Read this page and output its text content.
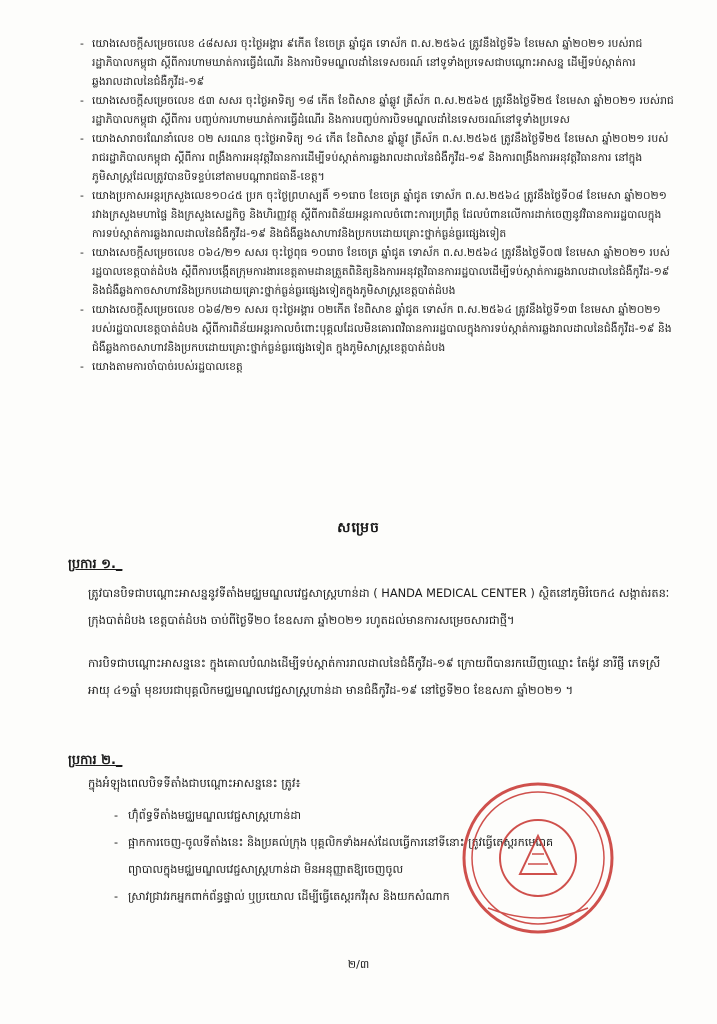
- យោងសេចក្ដីសម្រេចលេខ ៤៨សសរ ចុះថ្ងៃអង្គារ ៩កើត ខែចេត្រ ឆ្នាំជូត ទោស័ក ព.ស.២៥៦៤ ត្រូវនឹងថ្ងៃទី៦ ខែមេសា ឆ្នាំ២០២១ របស់រាជរដ្ឋាភិបាលកម្ពុជា ស្ដីពីការហាមឃាត់ការធ្វើដំណើរ និងការបិទមណ្ឌលដាំនៃទេសចរណ៍ នៅទូទាំងប្រទេសជាបណ្ដោះអាសន្ន ដើម្បីទប់ស្កាត់ការឆ្លងរាលដាលនៃជំងឺកូវីដ-១៩
- យោងសេចក្ដីសម្រេចលេខ ៥៣ សសរ ចុះថ្ងៃអាទិត្យ ១៨ កើត ខែពិសាខ ឆ្នាំឆ្លូវ ត្រីស័ក ព.ស.២៥៦៥ ត្រូវនឹងថ្ងៃទី២៥ ខែមេសា ឆ្នាំ២០២១ របស់រាជរដ្ឋាភិបាលកម្ពុជា ស្ដីពីការ បញ្ចប់ការហាមឃាត់ការធ្វើដំណើរ និងការបញ្ចប់ការបិទមណ្ឌលដាំនៃទេសចរណ៍នៅទូទាំងប្រទេស
- យោងសារាចរណែនាំលេខ ០២ សរណន ចុះថ្ងៃអាទិត្យ ១៤ កើត ខែពិសាខ ឆ្នាំឆ្លូវ ត្រីស័ក ព.ស.២៥៦៥ ត្រូវនឹងថ្ងៃទី២៥ ខែមេសា ឆ្នាំ២០២១ របស់រាជរដ្ឋាភិបាលកម្ពុជា ស្ដីពីការ ពង្រឹងការអនុវត្តវិធានការដើម្បីទប់ស្កាត់ការឆ្លងរាលដាលនៃជំងឺកូវីដ-១៩ និងការពង្រឹងការអនុវត្តវិធានការ នៅក្នុងភូមិសាស្ត្រដែលត្រូវបានបិទខ្ទប់នៅតាមបណ្ដារាជធានី-ខេត្ត។
- យោងប្រកាសអន្តរក្រសួងលេខ១០៤៥ ប្រក ចុះថ្ងៃព្រហស្បតិ៍ ១១រោច ខែចេត្រ ឆ្នាំជូត ទោស័ក ព.ស.២៥៦៤ ត្រូវនឹងថ្ងៃទី០៨ ខែមេសា ឆ្នាំ២០២១ រវាងក្រសួងមហាផ្ទៃ និងក្រសួងសេដ្ឋកិច្ច និងហិរញ្ញវត្ថុ ស្ដីពីការពិន័យអន្តរកាលចំពោះការប្រព្រឹត្ត ដែលបំពានលើការដាក់ចេញនូវវិធានការរដ្ឋបាលក្នុងការទប់ស្កាត់ការឆ្លងរាលដាលនៃជំងឺកូវីដ-១៩ និងជំងឺឆ្លងសាហាវនិងប្រកបដោយគ្រោះថ្នាក់ធ្ងន់ធ្ងរផ្សេងទៀត
- យោងសេចក្ដីសម្រេចលេខ ០៦៤/២១ សសរ ចុះថ្ងៃពុធ ១០រោច ខែចេត្រ ឆ្នាំជូត ទោស័ក ព.ស.២៥៦៤ ត្រូវនឹងថ្ងៃទី០៧ ខែមេសា ឆ្នាំ២០២១ របស់រដ្ឋបាលខេត្តបាត់ដំបង ស្ដីពីការបង្កើតក្រុមការងារខេត្តតាមដានត្រួតពិនិត្យនិងការអនុវត្តវិធានការរដ្ឋបាលដើម្បីទប់ស្កាត់ការឆ្លងរាលដាលនៃជំងឺកូវីដ-១៩ និងជំងឺឆ្លងកាចសាហាវនិងប្រកបដោយគ្រោះថ្នាក់ធ្ងន់ធ្ងរផ្សេងទៀតក្នុងភូមិសាស្ត្រខេត្តបាត់ដំបង
- យោងសេចក្ដីសម្រេចលេខ ០៦៨/២១ សសរ ចុះថ្ងៃអង្គារ ០២កើត ខែពិសាខ ឆ្នាំជូត ទោស័ក ព.ស.២៥៦៤ ត្រូវនឹងថ្ងៃទី១៣ ខែមេសា ឆ្នាំ២០២១ របស់រដ្ឋបាលខេត្តបាត់ដំបង ស្ដីពីការពិន័យអន្តរកាលចំពោះបុគ្គលដែលមិនគោរពវិធានការរដ្ឋបាលក្នុងការទប់ស្កាត់ការឆ្លងរាលដាលនៃជំងឺកូវីដ-១៩ និងជំងឺឆ្លងកាចសាហាវនិងប្រកបដោយគ្រោះថ្នាក់ធ្ងន់ធ្ងរផ្សេងទៀត ក្នុងភូមិសាស្ត្រខេត្តបាត់ដំបង
- យោងតាមការចាំបាច់របស់រដ្ឋបាលខេត្ត
សម្រេច
ប្រការ ១._
ត្រូវបានបិទជាបណ្ដោះអាសន្ននូវទីតាំងមជ្ឈមណ្ឌលវេជ្ជសាស្ត្រហាន់ដា ( HANDA MEDICAL CENTER ) ស្ថិតនៅភូមិរំចេក៤ សង្កាត់រតនៈ ក្រុងបាត់ដំបង ខេត្តបាត់ដំបង ចាប់ពីថ្ងៃទី២០ ខែឧសភា ឆ្នាំ២០២១ រហូតដល់មានការសម្រេចសារជាថ្មី។
ការបិទជាបណ្ដោះអាសន្ននេះ ក្នុងគោលបំណងដើម្បីទប់ស្កាត់ការរាលដាលនៃជំងឺកូវីដ-១៩ ក្រោយពីបានរកឃើញឈ្មោះ តែង៉ូវ នារីផ្ញី ភេទស្រី អាយុ ៤១ឆ្នាំ មុខរបរជាបុគ្គលិកមជ្ឈមណ្ឌលវេជ្ជសាស្ត្រហាន់ដា មានជំងឺកូវីដ-១៩ នៅថ្ងៃទី២០ ខែឧសភា ឆ្នាំ២០២១ ។
ប្រការ ២._
ក្នុងអំឡុងពេលបិទទីតាំងជាបណ្ដោះអាសន្ននេះ ត្រូវ៖
- ហ៊ុំព័ទ្ធទីតាំងមជ្ឈមណ្ឌលវេជ្ជសាស្ត្រហាន់ដា
- ផ្អាកការចេញ-ចូលទីតាំងនេះ និងប្រគល់ក្រុង បុគ្គលិកទាំងអស់ដែលធ្វើការនៅទីនោះ ត្រូវធ្វើតេស្តរកមេរោគ ព្យាបាលក្នុងមជ្ឈមណ្ឌលវេជ្ជសាស្ត្រហាន់ដា មិនអនុញ្ញាតឱ្យចេញចូល
- ស្រាវជ្រាវរកអ្នកពាក់ព័ន្ធផ្ទាល់ ឬប្រយោល ដើម្បីធ្វើតេស្តរកវីរុស និងយកសំណាក
២/៣
